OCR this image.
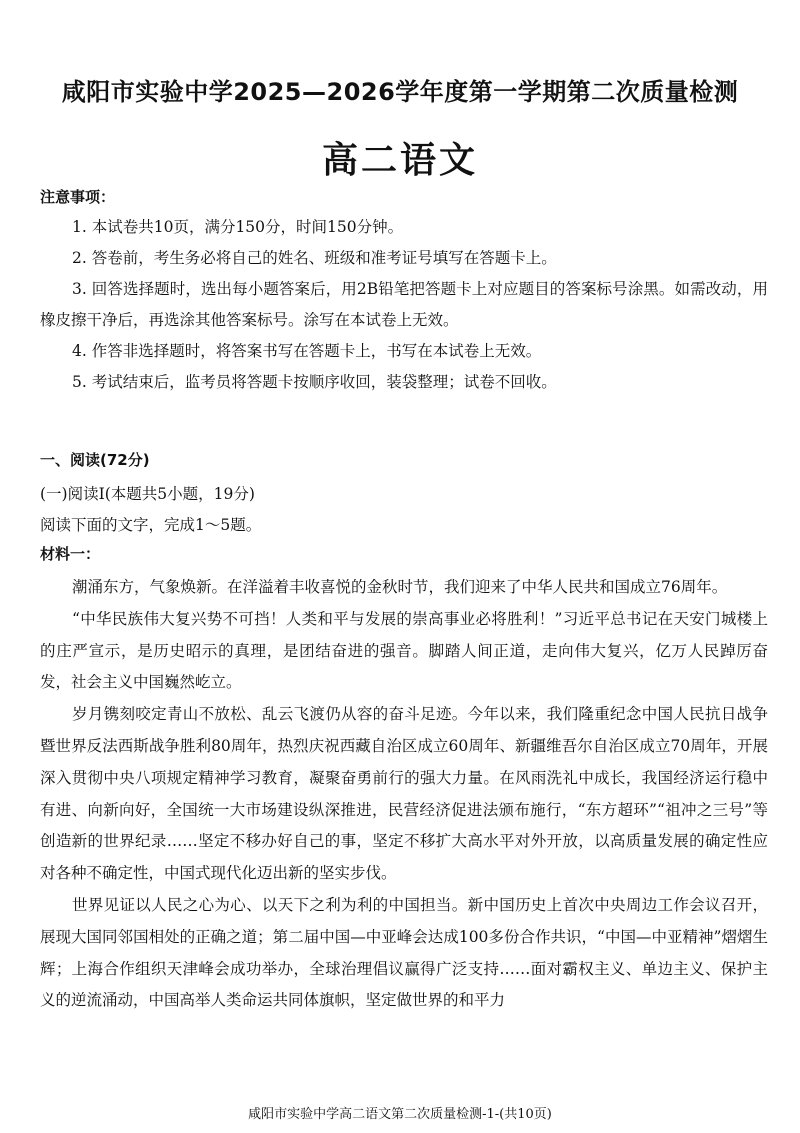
咸阳市实验中学2025—2026学年度第一学期第二次质量检测
高二语文
注意事项：
1. 本试卷共10页，满分150分，时间150分钟。
2. 答卷前，考生务必将自己的姓名、班级和准考证号填写在答题卡上。
3. 回答选择题时，选出每小题答案后，用2B铅笔把答题卡上对应题目的答案标号涂黑。如需改动，用橡皮擦干净后，再选涂其他答案标号。涂写在本试卷上无效。
4. 作答非选择题时，将答案书写在答题卡上，书写在本试卷上无效。
5. 考试结束后，监考员将答题卡按顺序收回，装袋整理；试卷不回收。
一、阅读(72分)
(一)阅读Ⅰ(本题共5小题，19分)
阅读下面的文字，完成1～5题。
材料一：

潮涌东方，气象焕新。在洋溢着丰收喜悦的金秋时节，我们迎来了中华人民共和国成立76周年。

“中华民族伟大复兴势不可挡！人类和平与发展的崇高事业必将胜利！”习近平总书记在天安门城楼上的庄严宣示，是历史昭示的真理，是团结奋进的强音。脚踏人间正道，走向伟大复兴，亿万人民踔厉奋发，社会主义中国巍然屹立。

岁月镌刻咬定青山不放松、乱云飞渡仍从容的奋斗足迹。今年以来，我们隆重纪念中国人民抗日战争暨世界反法西斯战争胜利80周年，热烈庆祝西藏自治区成立60周年、新疆维吾尔自治区成立70周年，开展深入贯彻中央八项规定精神学习教育，凝聚奋勇前行的强大力量。在风雨洗礼中成长，我国经济运行稳中有进、向新向好，全国统一大市场建设纵深推进，民营经济促进法颁布施行，“东方超环”“祖冲之三号”等创造新的世界纪录……坚定不移办好自己的事，坚定不移扩大高水平对外开放，以高质量发展的确定性应对各种不确定性，中国式现代化迈出新的坚实步伐。

世界见证以人民之心为心、以天下之利为利的中国担当。新中国历史上首次中央周边工作会议召开，展现大国同邻国相处的正确之道；第二届中国—中亚峰会达成100多份合作共识，“中国—中亚精神”熠熠生辉；上海合作组织天津峰会成功举办，全球治理倡议赢得广泛支持……面对霸权主义、单边主义、保护主义的逆流涌动，中国高举人类命运共同体旗帜，坚定做世界的和平力

咸阳市实验中学高二语文第二次质量检测-1-(共10页)
